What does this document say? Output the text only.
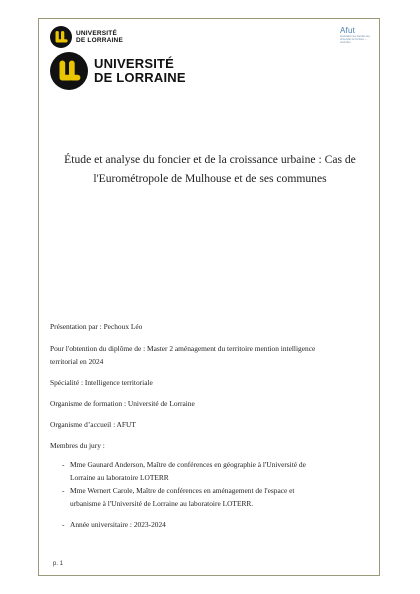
UNIVERSITÉ
DE LORRAINE
UNIVERSITÉ
DE LORRAINE
Afut
Association des Facultés des Universités du Territoire — Grand Est
Étude et analyse du foncier et de la croissance urbaine : Cas de
l'Eurométropole de Mulhouse et de ses communes

Présentation par : Pechoux Léo

Pour l'obtention du diplôme de : Master 2 aménagement du territoire mention intelligence

territorial en 2024

Spécialité : Intelligence territoriale

Organisme de formation : Université de Lorraine

Organisme d’accueil : AFUT

Membres du jury :

- Mme Gaunard Anderson, Maître de conférences en géographie à l'Université de
Lorraine au laboratoire LOTERR
- Mme Wernert Carole, Maître de conférences en aménagement de l'espace et
urbanisme à l'Université de Lorraine au laboratoire LOTERR.
- Année universitaire : 2023-2024
p. 1
